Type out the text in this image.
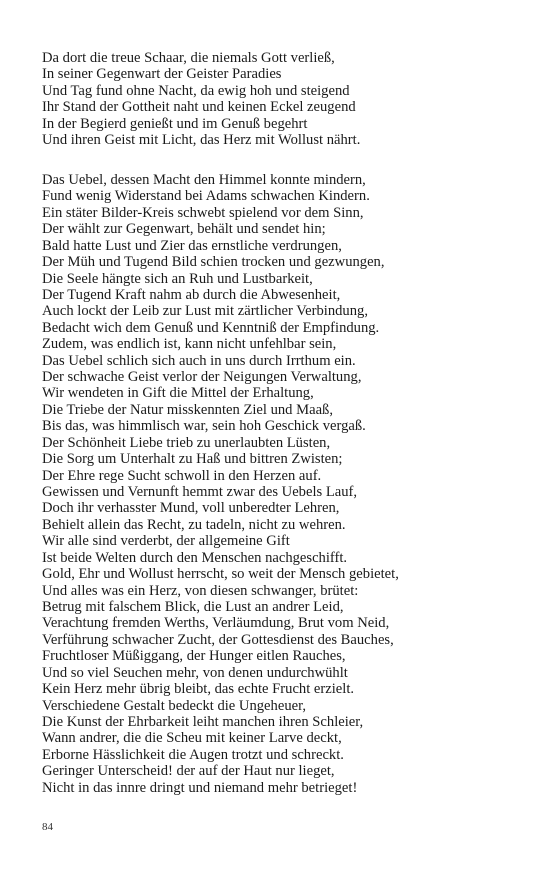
Da dort die treue Schaar, die niemals Gott verließ,
In seiner Gegenwart der Geister Paradies
Und Tag fund ohne Nacht, da ewig hoh und steigend
Ihr Stand der Gottheit naht und keinen Eckel zeugend
In der Begierd genießt und im Genuß begehrt
Und ihren Geist mit Licht, das Herz mit Wollust nährt.
Das Uebel, dessen Macht den Himmel konnte mindern,
Fund wenig Widerstand bei Adams schwachen Kindern.
Ein stäter Bilder-Kreis schwebt spielend vor dem Sinn,
Der wählt zur Gegenwart, behält und sendet hin;
Bald hatte Lust und Zier das ernstliche verdrungen,
Der Müh und Tugend Bild schien trocken und gezwungen,
Die Seele hängte sich an Ruh und Lustbarkeit,
Der Tugend Kraft nahm ab durch die Abwesenheit,
Auch lockt der Leib zur Lust mit zärtlicher Verbindung,
Bedacht wich dem Genuß und Kenntniß der Empfindung.
Zudem, was endlich ist, kann nicht unfehlbar sein,
Das Uebel schlich sich auch in uns durch Irrthum ein.
Der schwache Geist verlor der Neigungen Verwaltung,
Wir wendeten in Gift die Mittel der Erhaltung,
Die Triebe der Natur misskennten Ziel und Maaß,
Bis das, was himmlisch war, sein hoh Geschick vergaß.
Der Schönheit Liebe trieb zu unerlaubten Lüsten,
Die Sorg um Unterhalt zu Haß und bittren Zwisten;
Der Ehre rege Sucht schwoll in den Herzen auf.
Gewissen und Vernunft hemmt zwar des Uebels Lauf,
Doch ihr verhasster Mund, voll unberedter Lehren,
Behielt allein das Recht, zu tadeln, nicht zu wehren.
Wir alle sind verderbt, der allgemeine Gift
Ist beide Welten durch den Menschen nachgeschifft.
Gold, Ehr und Wollust herrscht, so weit der Mensch gebietet,
Und alles was ein Herz, von diesen schwanger, brütet:
Betrug mit falschem Blick, die Lust an andrer Leid,
Verachtung fremden Werths, Verläumdung, Brut vom Neid,
Verführung schwacher Zucht, der Gottesdienst des Bauches,
Fruchtloser Müßiggang, der Hunger eitlen Rauches,
Und so viel Seuchen mehr, von denen undurchwühlt
Kein Herz mehr übrig bleibt, das echte Frucht erzielt.
Verschiedene Gestalt bedeckt die Ungeheuer,
Die Kunst der Ehrbarkeit leiht manchen ihren Schleier,
Wann andrer, die die Scheu mit keiner Larve deckt,
Erborne Hässlichkeit die Augen trotzt und schreckt.
Geringer Unterscheid! der auf der Haut nur lieget,
Nicht in das innre dringt und niemand mehr betrieget!
84
